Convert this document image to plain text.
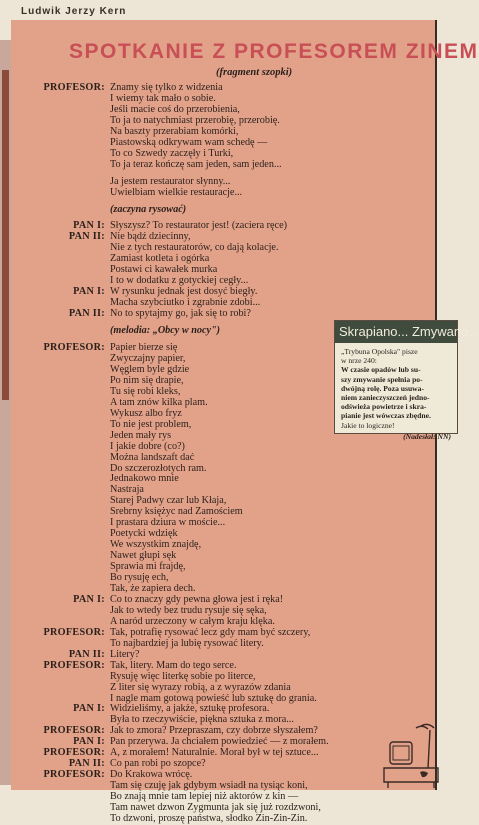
Ludwik Jerzy Kern
SPOTKANIE Z PROFESOREM ZINEM
(fragment szopki)
PROFESOR: Znamy się tylko z widzenia
I wiemy tak mało o sobie.
Jeśli macie coś do przerobienia,
To ja to natychmiast przerobię, przerobię.
Na baszty przerabiam komórki,
Piastowską odkrywam wam schedę —
To co Szwedy zaczęły i Turki,
To ja teraz kończę sam jeden, sam jeden...
Ja jestem restaurator słynny...
Uwielbiam wielkie restauracje...
(zaczyna rysować)
PAN I: Słyszysz? To restaurator jest! (zaciera ręce)
PAN II: Nie bądź dziecinny,
Nie z tych restauratorów, co dają kolacje.
Zamiast kotleta i ogórka
Postawi ci kawałek murka
I to w dodatku z gotyckiej cegły...
PAN I: W rysunku jednak jest dosyć biegły.
Macha szybciutko i zgrabnie zdobi...
PAN II: No to spytajmy go, jak się to robi?
(melodia: „Obcy w nocy")
PROFESOR: Papier bierze się
Zwyczajny papier,
Węglem byle gdzie
Po nim się drapie,
Tu się robi kleks,
A tam znów kilka plam.
Wykusz albo fryz
To nie jest problem,
Jeden mały rys
I jakie dobre (co?)
Można landszaft dać
Do szczerozłotych ram.
Jednakowo mnie
Nastraja
Starej Padwy czar lub Kłaja,
Srebrny księżyc nad Zamościem
I prastara dziura w moście...
Poetycki wdzięk
We wszystkim znajdę,
Nawet głupi sęk
Sprawia mi frajdę,
Bo rysuję ech,
Tak, że zapiera dech.
PAN I: Co to znaczy gdy pewna głowa jest i ręka!
Jak to wtedy bez trudu rysuje się sęka,
A naród urzeczony w całym kraju klęka.
PROFESOR: Tak, potrafię rysować lecz gdy mam być szczery,
To najbardziej ja lubię rysować litery.
PAN II: Litery?
PROFESOR: Tak, litery. Mam do tego serce.
Rysuję więc literkę sobie po literce,
Z liter się wyrazy robią, a z wyrazów zdania
I nagle mam gotową powieść lub sztukę do grania.
PAN I: Widzieliśmy, a jakże, sztukę profesora.
Była to rzeczywiście, piękna sztuka z mora...
PROFESOR: Jak to zmora? Przepraszam, czy dobrze słyszałem?
PAN I: Pan przerywa. Ja chciałem powiedzieć — z morałem.
PROFESOR: A, z morałem! Naturalnie. Morał był w tej sztuce...
PAN II: Co pan robi po szopce?
PROFESOR: Do Krakowa wrócę.
Tam się czuję jak gdybym wsiadł na tysiąc koni,
Bo znają mnie tam lepiej niż aktorów z kin —
Tam nawet dzwon Zygmunta jak się już rozdzwoni,
To dzwoni, proszę państwa, słodko Zin-Zin-Zin.
Skrapiano... Zmywano...
„Trybuna Opolska" pisze
w nrze 240:
W czasie opadów lub su-
szy zmywanie spełnia po-
dwójną rolę. Poza usuwa-
niem zanieczyszczeń jedno-
odświeża powietrze i skra-
pianie jest wówczas zbędne.
Jakie to logiczne!
(Nadesłał: NN)
